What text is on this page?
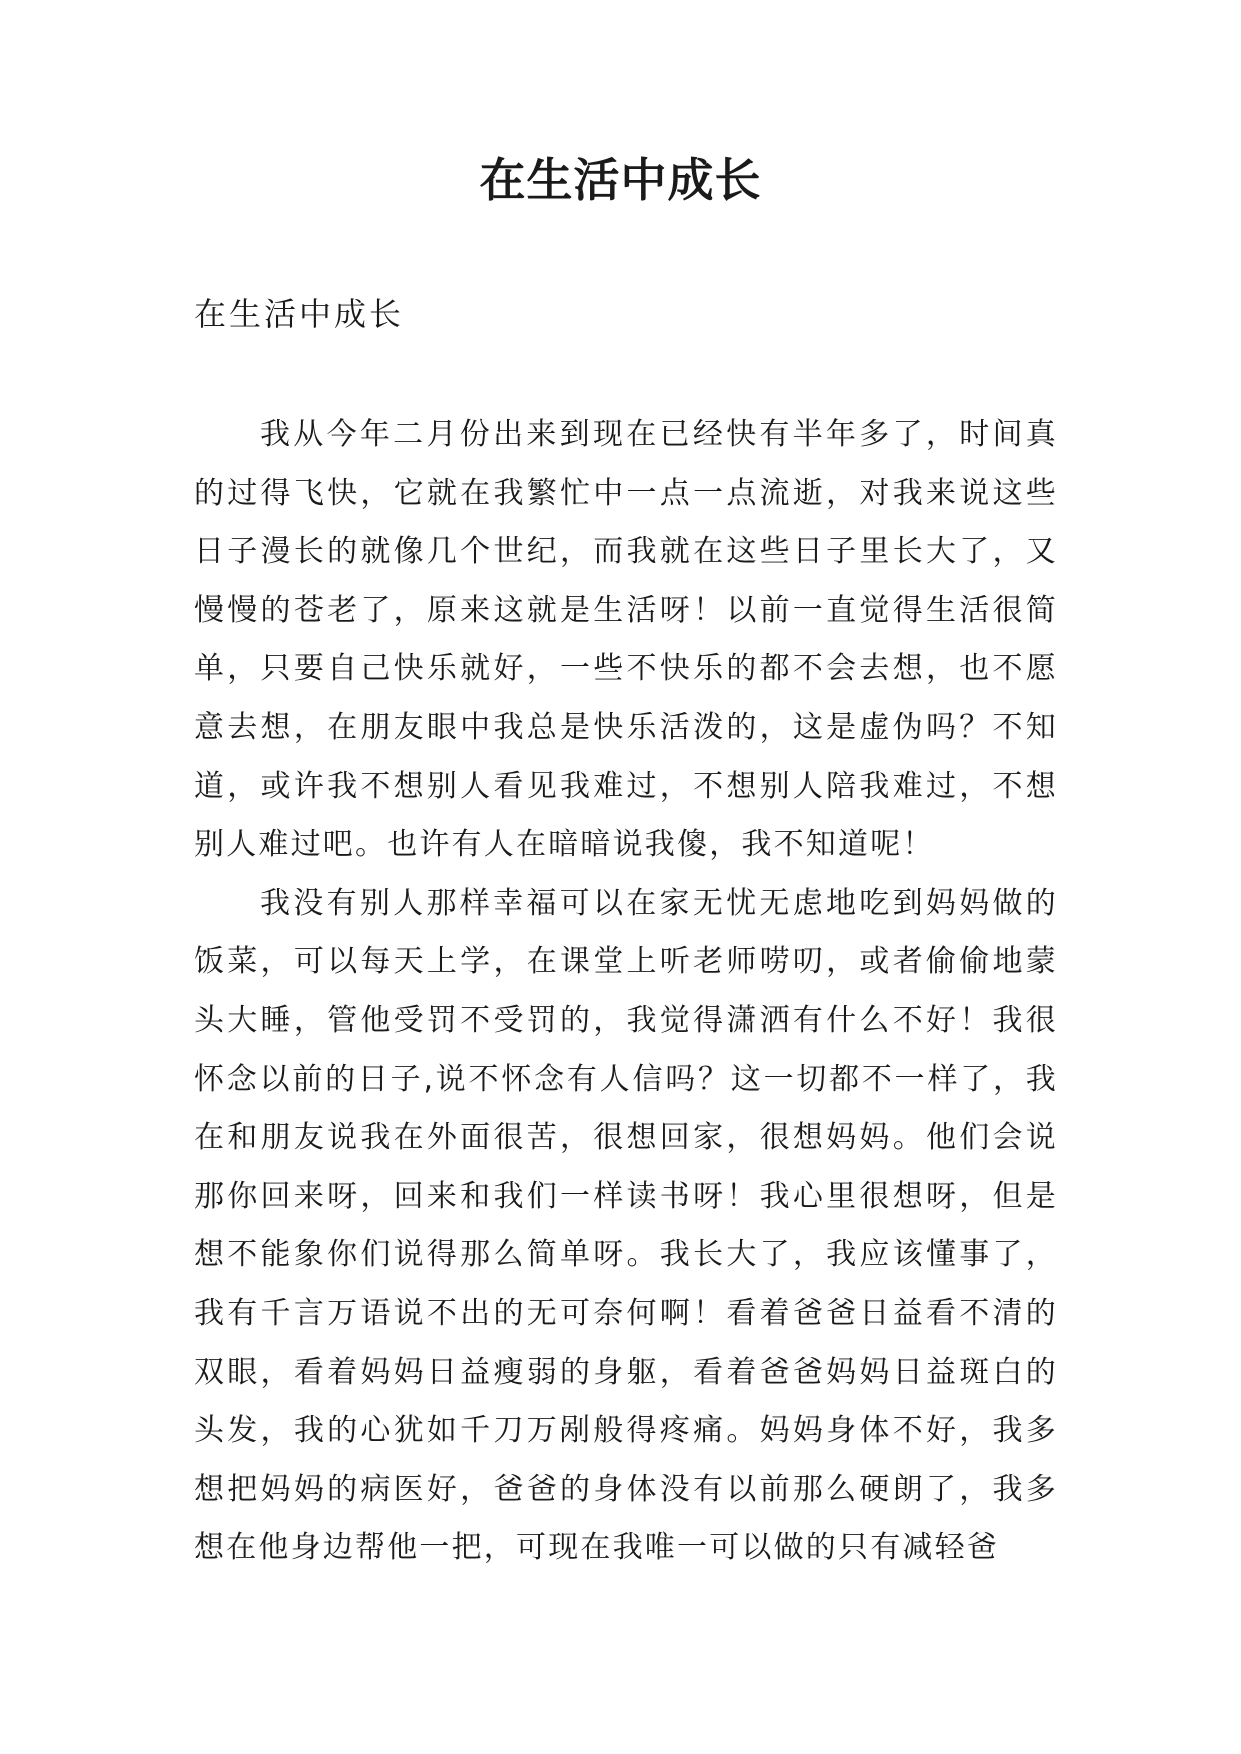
在生活中成长
在生活中成长

我从今年二月份出来到现在已经快有半年多了，时间真的过得飞快，它就在我繁忙中一点一点流逝，对我来说这些日子漫长的就像几个世纪，而我就在这些日子里长大了，又慢慢的苍老了，原来这就是生活呀！以前一直觉得生活很简单，只要自己快乐就好，一些不快乐的都不会去想，也不愿意去想，在朋友眼中我总是快乐活泼的，这是虚伪吗？不知道，或许我不想别人看见我难过，不想别人陪我难过，不想别人难过吧。也许有人在暗暗说我傻，我不知道呢！

我没有别人那样幸福可以在家无忧无虑地吃到妈妈做的饭菜，可以每天上学，在课堂上听老师唠叨，或者偷偷地蒙头大睡，管他受罚不受罚的，我觉得潇洒有什么不好！我很怀念以前的日子,说不怀念有人信吗？这一切都不一样了，我在和朋友说我在外面很苦，很想回家，很想妈妈。他们会说那你回来呀，回来和我们一样读书呀！我心里很想呀，但是想不能象你们说得那么简单呀。我长大了，我应该懂事了，我有千言万语说不出的无可奈何啊！看着爸爸日益看不清的双眼，看着妈妈日益瘦弱的身躯，看着爸爸妈妈日益斑白的头发，我的心犹如千刀万剐般得疼痛。妈妈身体不好，我多想把妈妈的病医好，爸爸的身体没有以前那么硬朗了，我多想在他身边帮他一把，可现在我唯一可以做的只有减轻爸
